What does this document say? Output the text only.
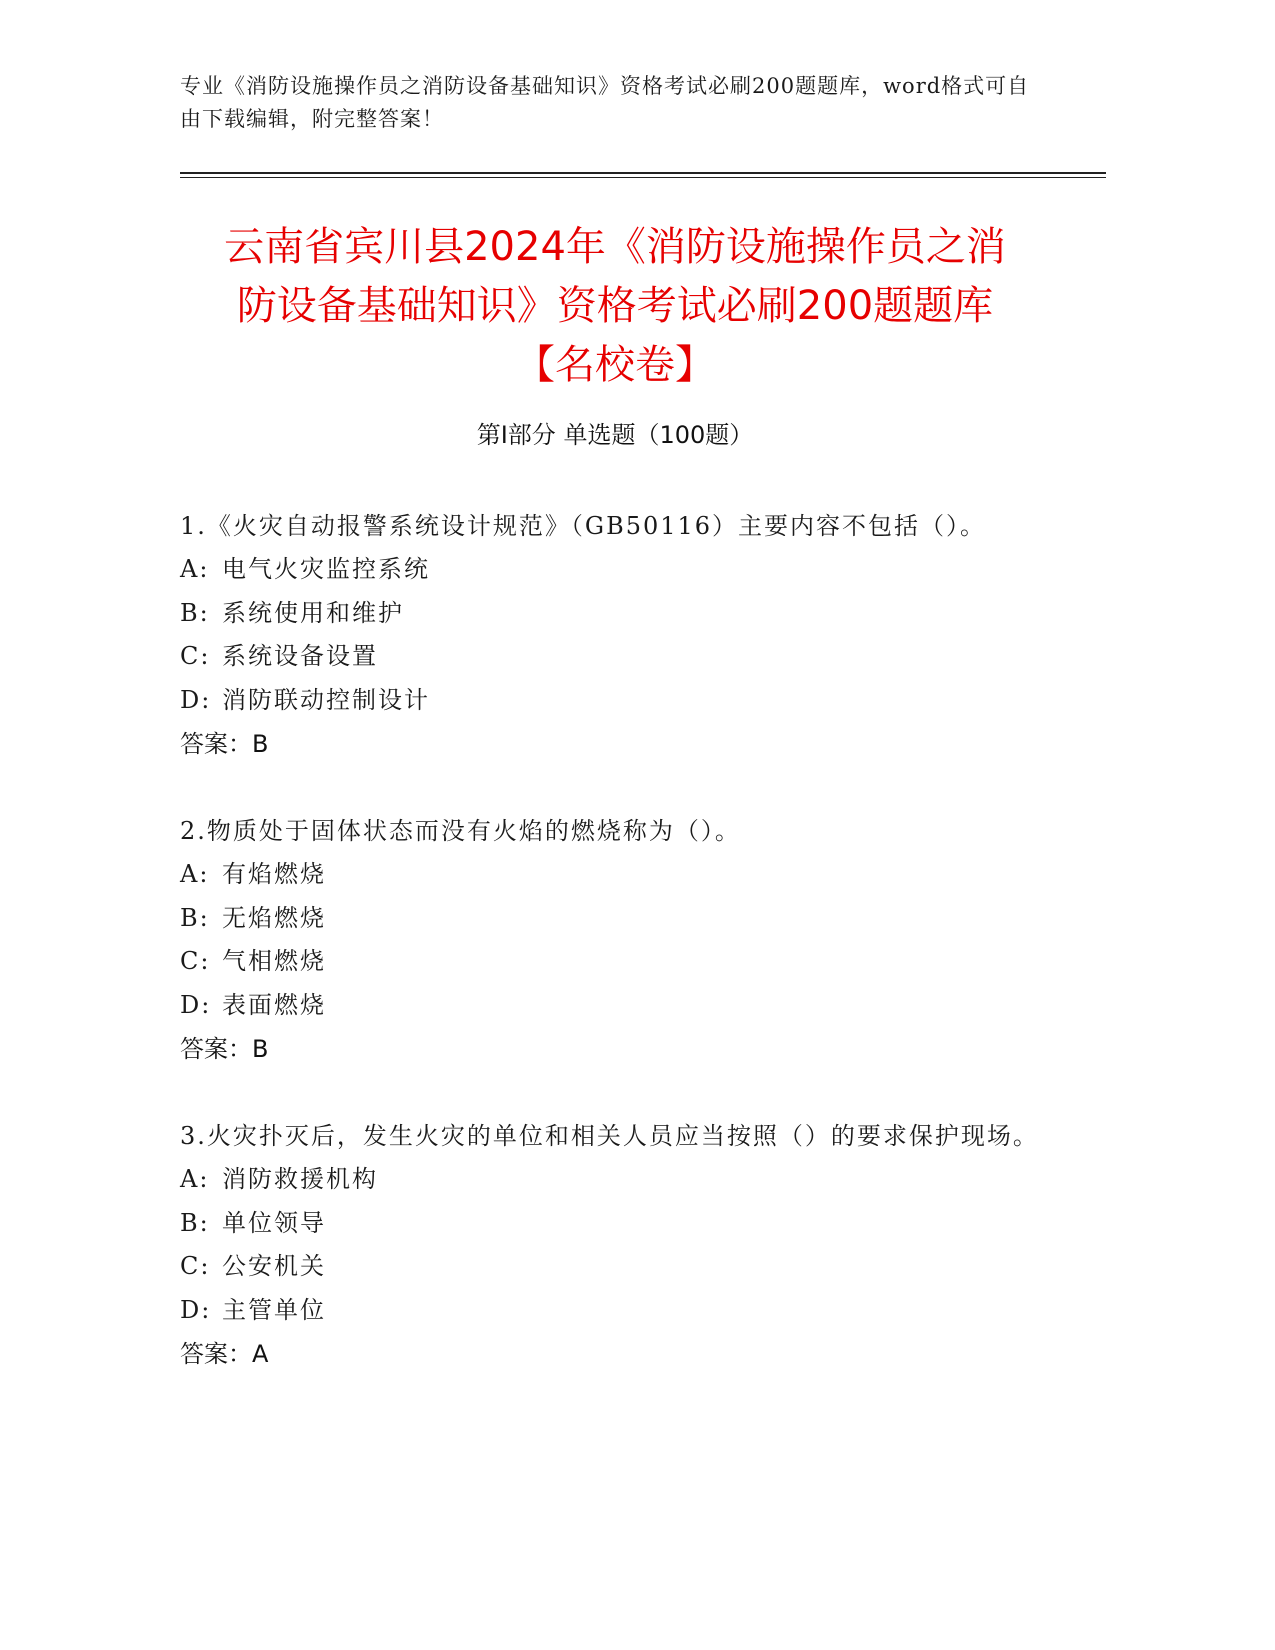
专业《消防设施操作员之消防设备基础知识》资格考试必刷200题题库，word格式可自由下载编辑，附完整答案！
云南省宾川县2024年《消防设施操作员之消
防设备基础知识》资格考试必刷200题题库
【名校卷】
第Ⅰ部分 单选题（100题）
1.《火灾自动报警系统设计规范》（GB50116）主要内容不包括（）。
A: 电气火灾监控系统
B: 系统使用和维护
C: 系统设备设置
D: 消防联动控制设计
答案：B
2.物质处于固体状态而没有火焰的燃烧称为（）。
A: 有焰燃烧
B: 无焰燃烧
C: 气相燃烧
D: 表面燃烧
答案：B
3.火灾扑灭后，发生火灾的单位和相关人员应当按照（）的要求保护现场。
A: 消防救援机构
B: 单位领导
C: 公安机关
D: 主管单位
答案：A
